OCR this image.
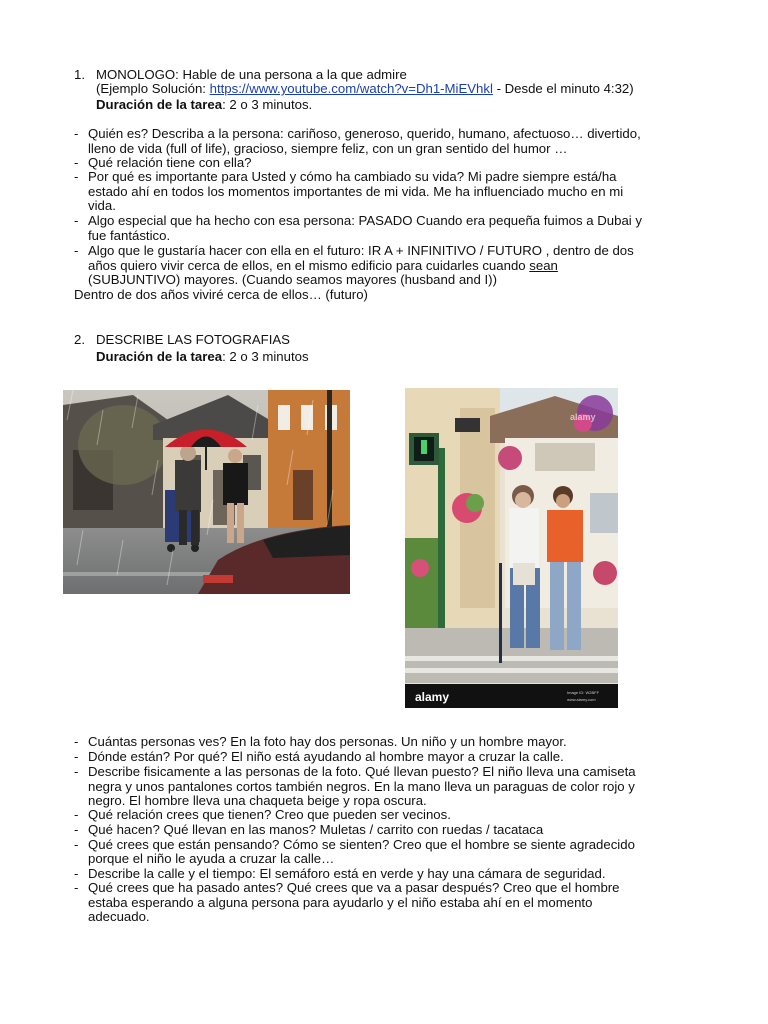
1. MONOLOGO: Hable de una persona a la que admire
(Ejemplo Solución: https://www.youtube.com/watch?v=Dh1-MiEVhkl - Desde el minuto 4:32)
Duración de la tarea: 2 o 3 minutos.
- Quién es? Describa a la persona: cariñoso, generoso, querido, humano, afectuoso… divertido,
lleno de vida (full of life), gracioso, siempre feliz, con un gran sentido del humor …
- Qué relación tiene con ella?
- Por qué es importante para Usted y cómo ha cambiado su vida? Mi padre siempre está/ha
estado ahí en todos los momentos importantes de mi vida. Me ha influenciado mucho en mi
vida.
- Algo especial que ha hecho con esa persona: PASADO Cuando era pequeña fuimos a Dubai y
fue fantástico.
- Algo que le gustaría hacer con ella en el futuro: IR A + INFINITIVO / FUTURO , dentro de dos
años quiero vivir cerca de ellos, en el mismo edificio para cuidarles cuando sean
(SUBJUNTIVO) mayores. (Cuando seamos mayores (husband and I))
Dentro de dos años viviré cerca de ellos… (futuro)
2. DESCRIBE LAS FOTOGRAFIAS
Duración de la tarea: 2 o 3 minutos
alamy	Image ID: W2BFF
www.alamy.com
alamy
- Cuántas personas ves? En la foto hay dos personas. Un niño y un hombre mayor.
- Dónde están? Por qué? El niño está ayudando al hombre mayor a cruzar la calle.
- Describe fisicamente a las personas de la foto. Qué llevan puesto? El niño lleva una camiseta
negra y unos pantalones cortos también negros. En la mano lleva un paraguas de color rojo y
negro. El hombre lleva una chaqueta beige y ropa oscura.
- Qué relación crees que tienen? Creo que pueden ser vecinos.
- Qué hacen? Qué llevan en las manos? Muletas / carrito con ruedas / tacataca
- Qué crees que están pensando? Cómo se sienten? Creo que el hombre se siente agradecido
porque el niño le ayuda a cruzar la calle…
- Describe la calle y el tiempo: El semáforo está en verde y hay una cámara de seguridad.
- Qué crees que ha pasado antes? Qué crees que va a pasar después? Creo que el hombre
estaba esperando a alguna persona para ayudarlo y el niño estaba ahí en el momento
adecuado.
